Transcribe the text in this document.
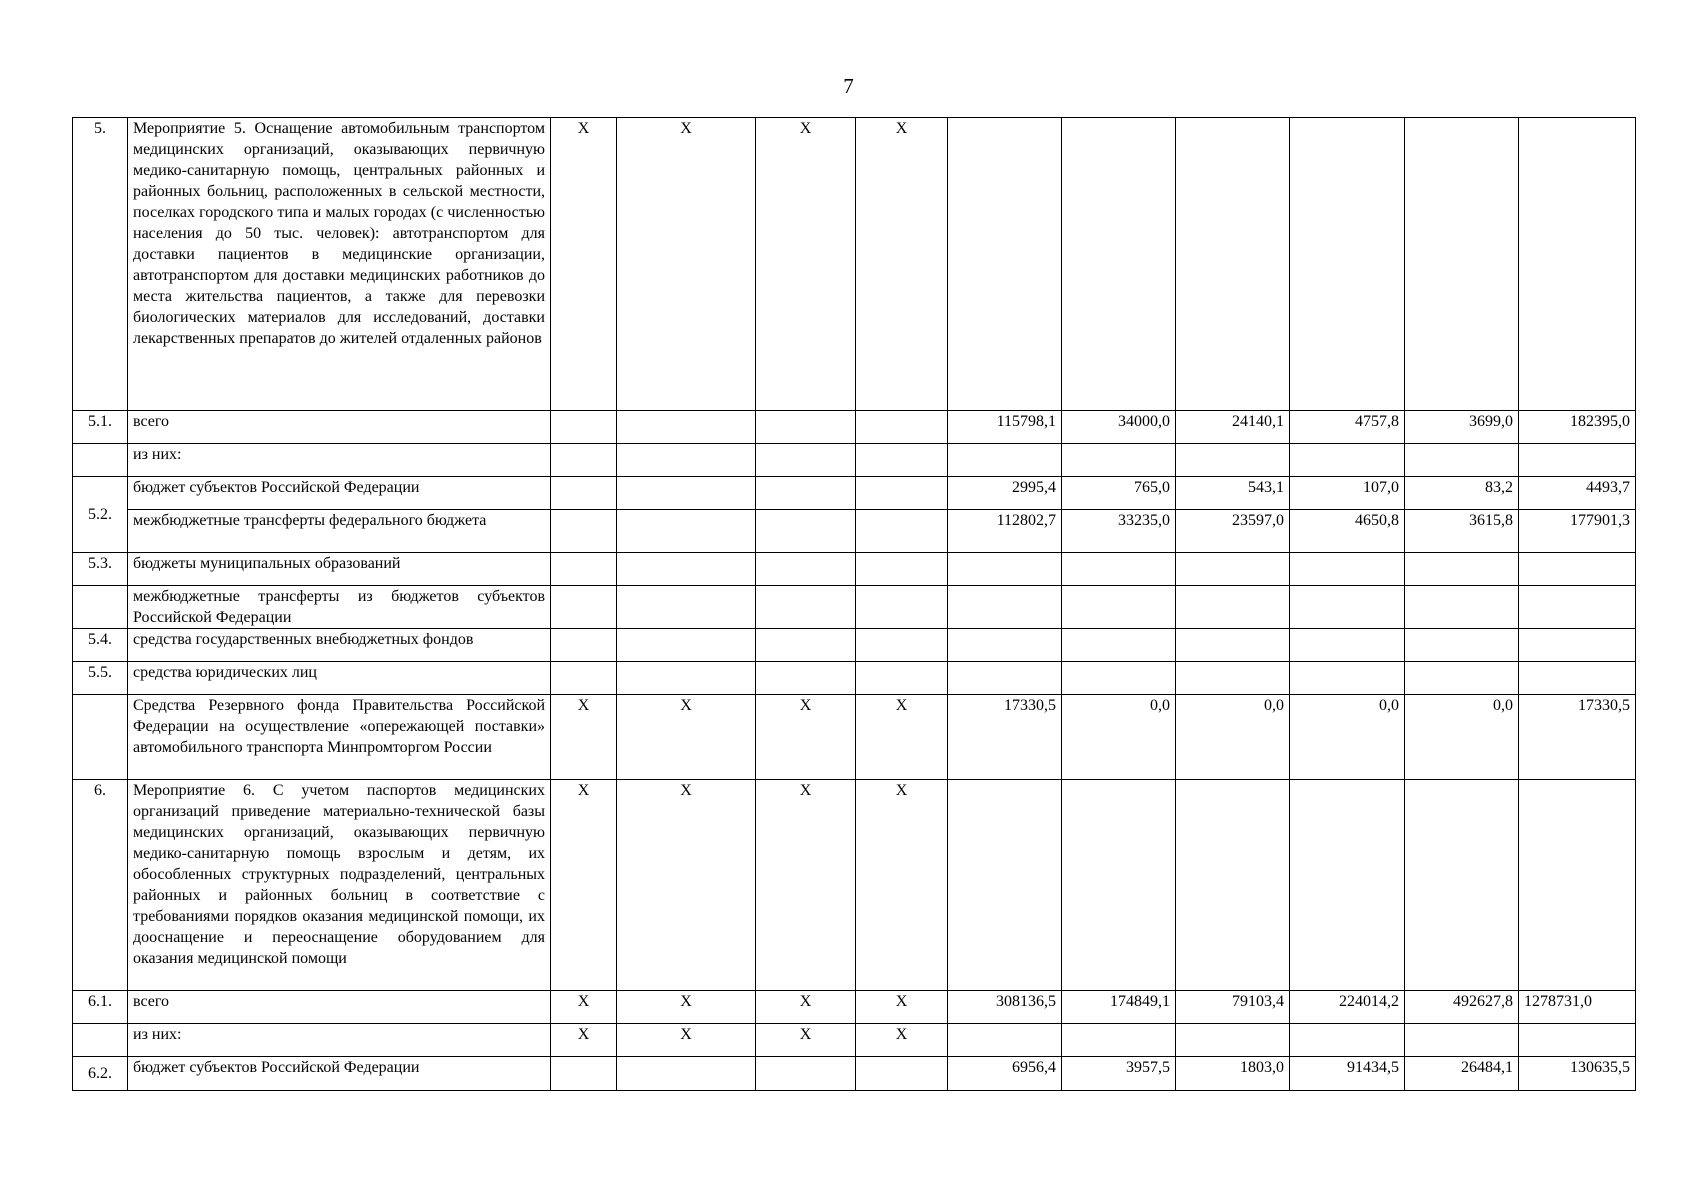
7
5.	Мероприятие 5. Оснащение автомобильным транспортом медицинских организаций, оказывающих первичную медико-санитарную помощь, центральных районных и районных больниц, расположенных в сельской местности, поселках городского типа и малых городах (с численностью населения до 50 тыс. человек): автотранспортом для доставки пациентов в медицинские организации, автотранспортом для доставки медицинских работников до места жительства пациентов, а также для перевозки биологических материалов для исследований, доставки лекарственных препаратов до жителей отдаленных районов	X	X	X	X						
5.1.	всего					115798,1	34000,0	24140,1	4757,8	3699,0	182395,0
	из них:										
5.2.	бюджет субъектов Российской Федерации					2995,4	765,0	543,1	107,0	83,2	4493,7
	межбюджетные трансферты федерального бюджета					112802,7	33235,0	23597,0	4650,8	3615,8	177901,3
5.3.	бюджеты муниципальных образований										
	межбюджетные трансферты из бюджетов субъектов Российской Федерации										
5.4.	средства государственных внебюджетных фондов										
5.5.	средства юридических лиц										
	Средства Резервного фонда Правительства Российской Федерации на осуществление «опережающей поставки» автомобильного транспорта Минпромторгом России	X	X	X	X	17330,5	0,0	0,0	0,0	0,0	17330,5
6.	Мероприятие 6. С учетом паспортов медицинских организаций приведение материально-технической базы медицинских организаций, оказывающих первичную медико-санитарную помощь взрослым и детям, их обособленных структурных подразделений, центральных районных и районных больниц в соответствие с требованиями порядков оказания медицинской помощи, их дооснащение и переоснащение оборудованием для оказания медицинской помощи	X	X	X	X						
6.1.	всего	X	X	X	X	308136,5	174849,1	79103,4	224014,2	492627,8	1278731,0
	из них:	X	X	X	X						
6.2.	бюджет субъектов Российской Федерации					6956,4	3957,5	1803,0	91434,5	26484,1	130635,5
